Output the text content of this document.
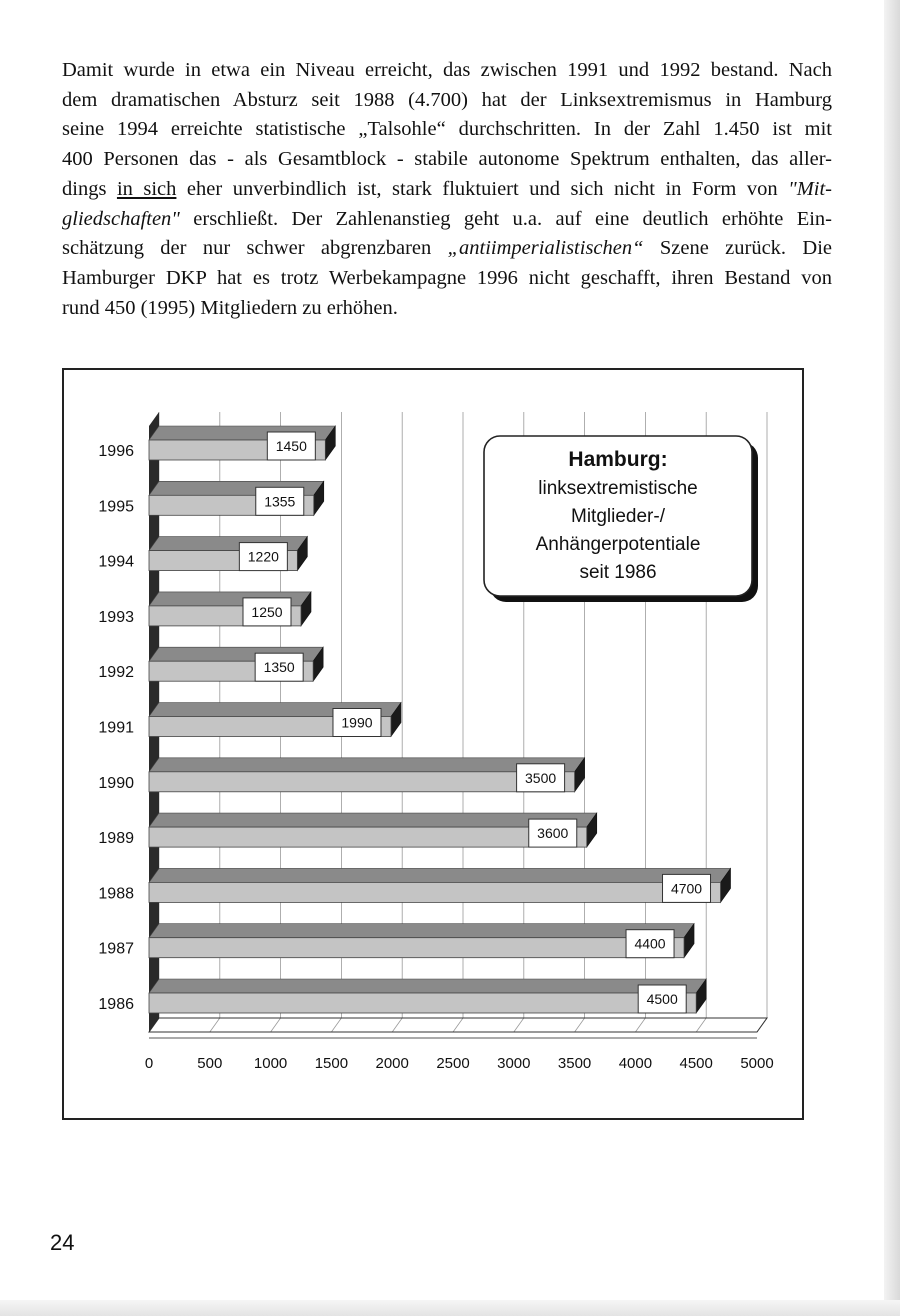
Damit wurde in etwa ein Niveau erreicht, das zwischen 1991 und 1992 bestand. Nach
dem dramatischen Absturz seit 1988 (4.700) hat der Linksextremismus in Hamburg
seine 1994 erreichte statistische „Talsohle“ durchschritten. In der Zahl 1.450 ist mit
400 Personen das - als Gesamtblock - stabile autonome Spektrum enthalten, das aller-
dings in sich eher unverbindlich ist, stark fluktuiert und sich nicht in Form von "Mit-
gliedschaften" erschließt. Der Zahlenanstieg geht u.a. auf eine deutlich erhöhte Ein-
schätzung der nur schwer abgrenzbaren „antiimperialistischen“ Szene zurück. Die
Hamburger DKP hat es trotz Werbekampagne 1996 nicht geschafft, ihren Bestand von
rund 450 (1995) Mitgliedern zu erhöhen.
0	500 1000 1500 2000 2500 3000 3500 4000 4500 5000
1996	1450
1995	1355
1994	1220
1993	1250
1992	1350
1991	1990
1990	3500
1989	3600
1988	4700
1987	4400
1986	4500
Hamburg:
linksextremistische
Mitglieder-/
Anhängerpotentiale
seit 1986
24
